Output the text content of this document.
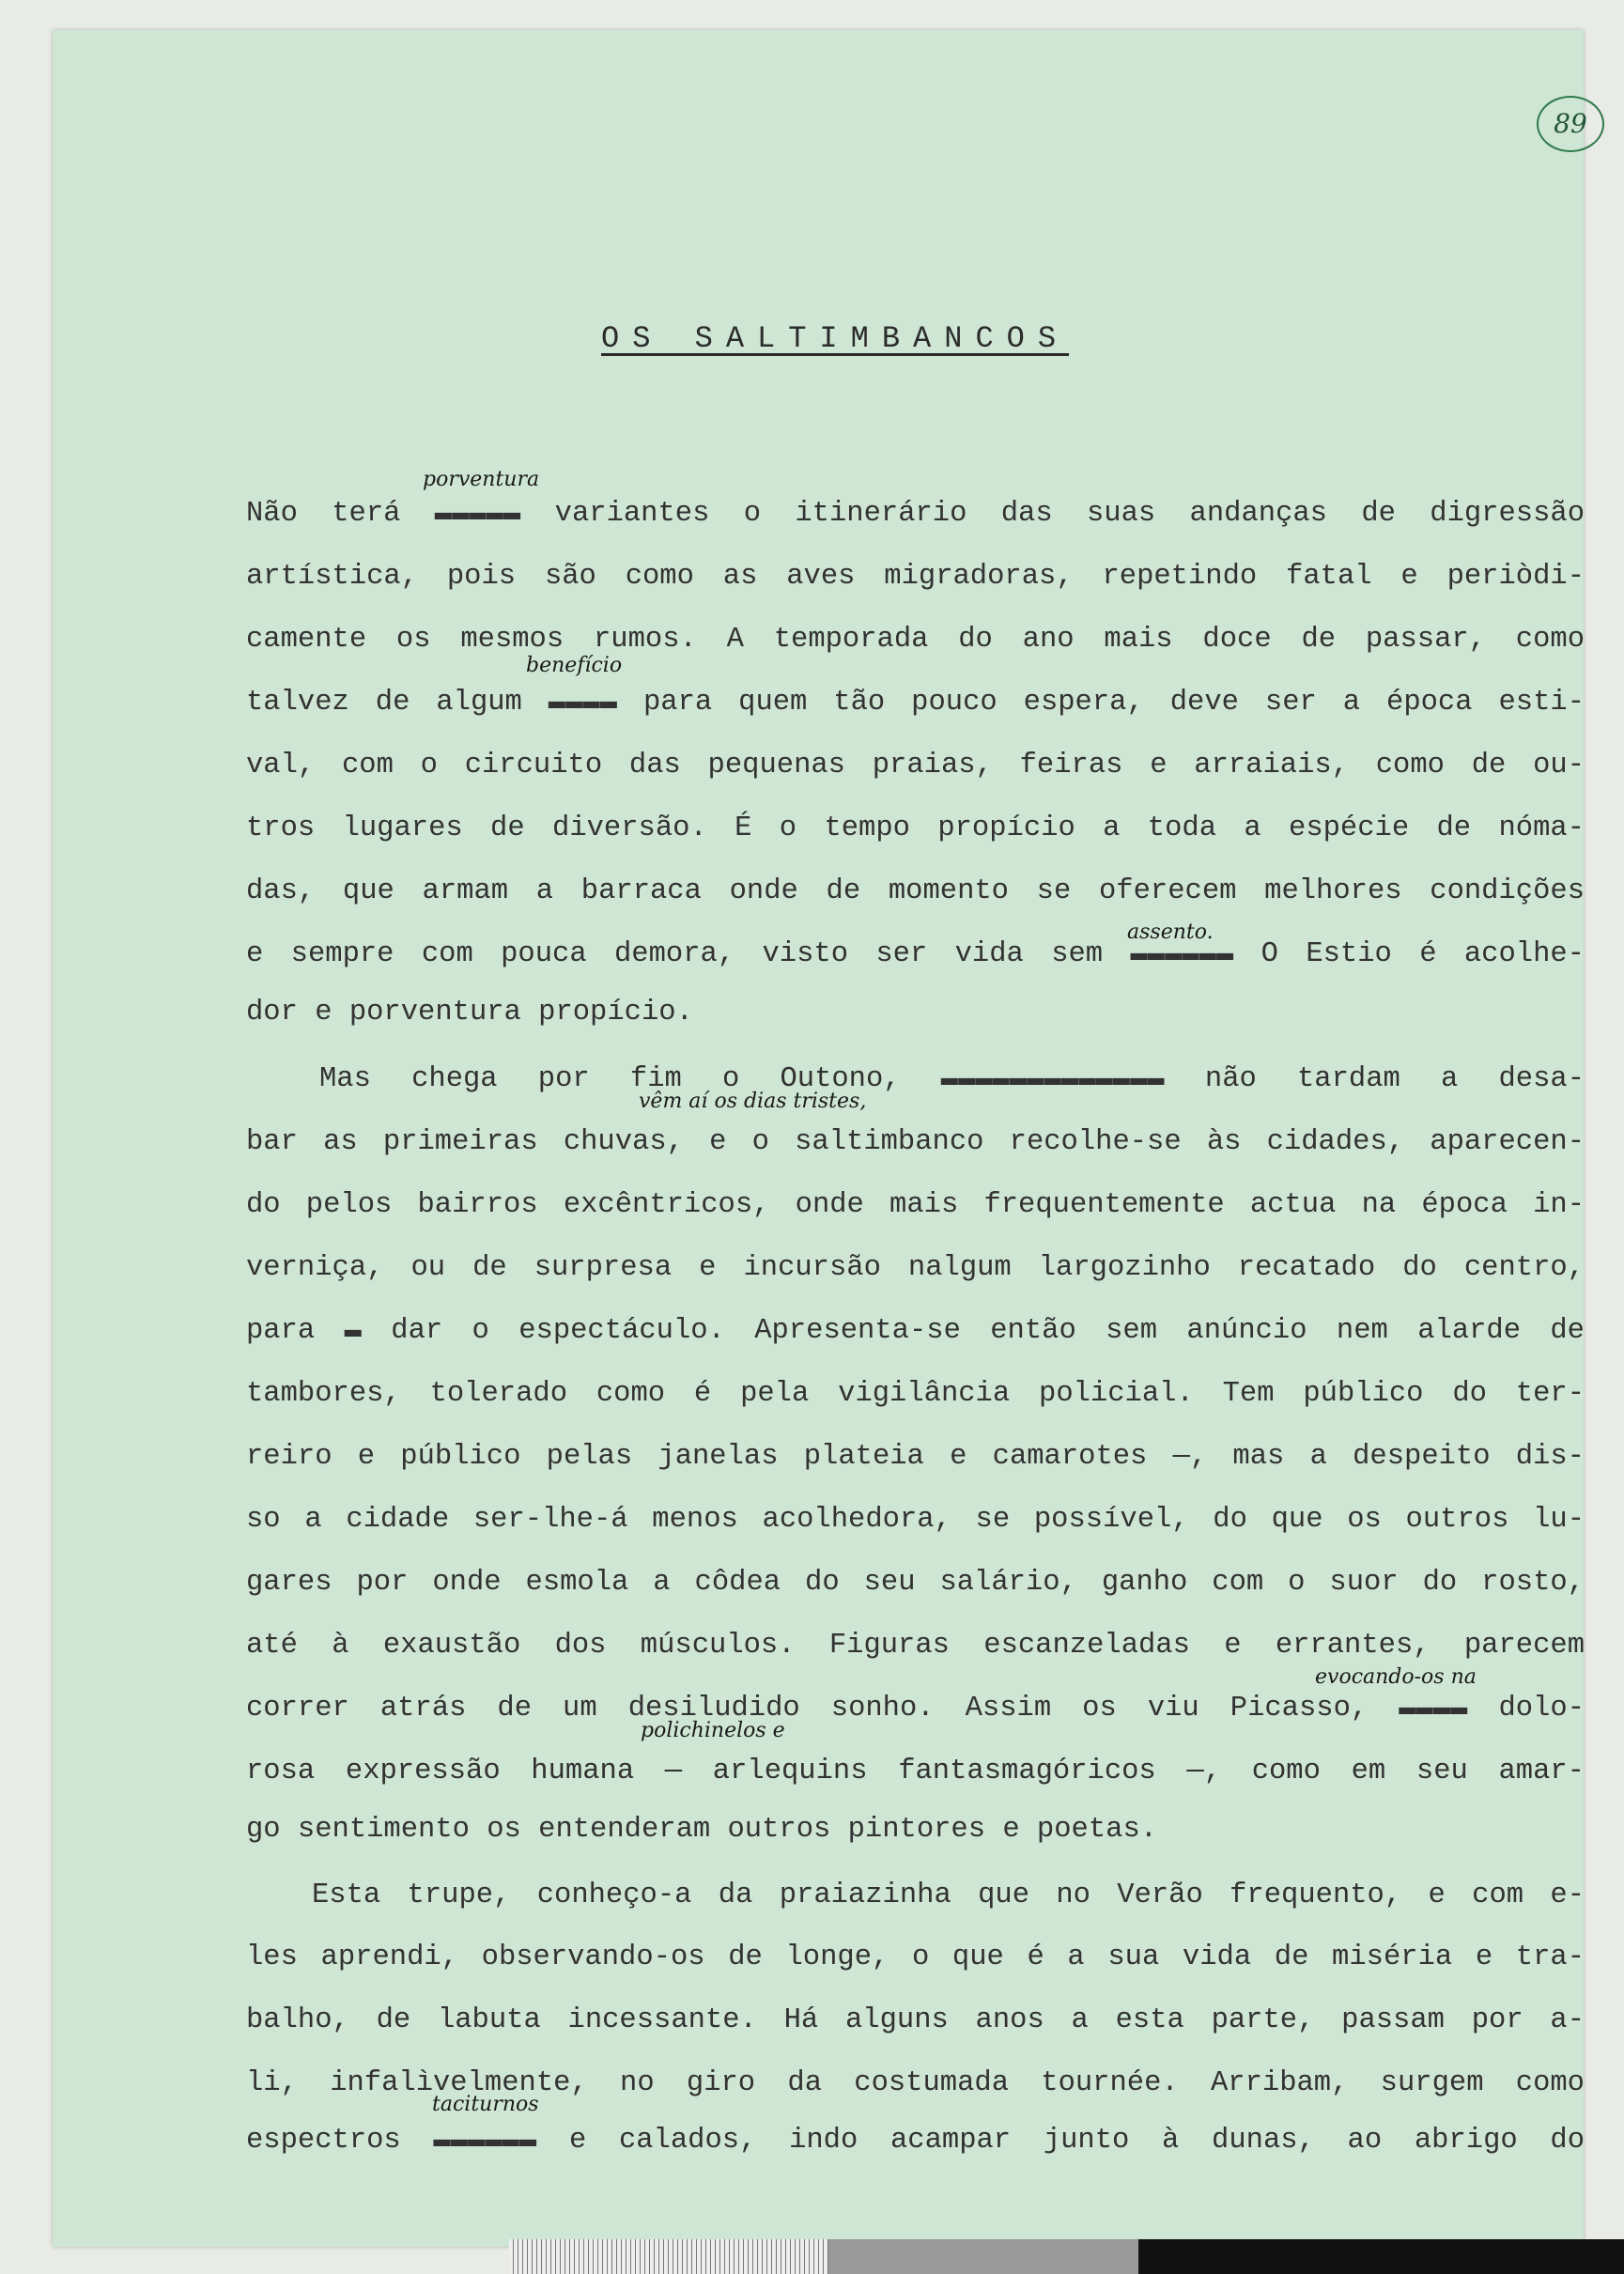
89
OS SALTIMBANCOS
Não terá ▬▬▬▬▬ variantes o itinerário das suas andanças de digressão
artística, pois são como as aves migradoras, repetindo fatal e periòdi-
camente os mesmos rumos. A temporada do ano mais doce de passar, como
talvez de algum ▬▬▬▬ para quem tão pouco espera, deve ser a época esti-
val, com o circuito das pequenas praias, feiras e arraiais, como de ou-
tros lugares de diversão. É o tempo propício a toda a espécie de nóma-
das, que armam a barraca onde de momento se oferecem melhores condições
e sempre com pouca demora, visto ser vida sem ▬▬▬▬▬▬ O Estio é acolhe-
dor e porventura propício.
Mas chega por fim o Outono, ▬▬▬▬▬▬▬▬▬▬▬▬▬ não tardam a desa-
bar as primeiras chuvas, e o saltimbanco recolhe-se às cidades, aparecen-
do pelos bairros excêntricos, onde mais frequentemente actua na época in-
verniça, ou de surpresa e incursão nalgum largozinho recatado do centro,
para ▬ dar o espectáculo. Apresenta-se então sem anúncio nem alarde de
tambores, tolerado como é pela vigilância policial. Tem público do ter-
reiro e público pelas janelas plateia e camarotes —, mas a despeito dis-
so a cidade ser-lhe-á menos acolhedora, se possível, do que os outros lu-
gares por onde esmola a côdea do seu salário, ganho com o suor do rosto,
até à exaustão dos músculos. Figuras escanzeladas e errantes, parecem
correr atrás de um desiludido sonho. Assim os viu Picasso, ▬▬▬▬ dolo-
rosa expressão humana — arlequins fantasmagóricos —, como em seu amar-
go sentimento os entenderam outros pintores e poetas.
Esta trupe, conheço-a da praiazinha que no Verão frequento, e com e-
les aprendi, observando-os de longe, o que é a sua vida de miséria e tra-
balho, de labuta incessante. Há alguns anos a esta parte, passam por a-
li, infalìvelmente, no giro da costumada tournée. Arribam, surgem como
espectros ▬▬▬▬▬▬ e calados, indo acampar junto à dunas, ao abrigo do
porventura
benefício
assento.
vêm aí os dias tristes,
evocando-os na
polichinelos e
taciturnos
